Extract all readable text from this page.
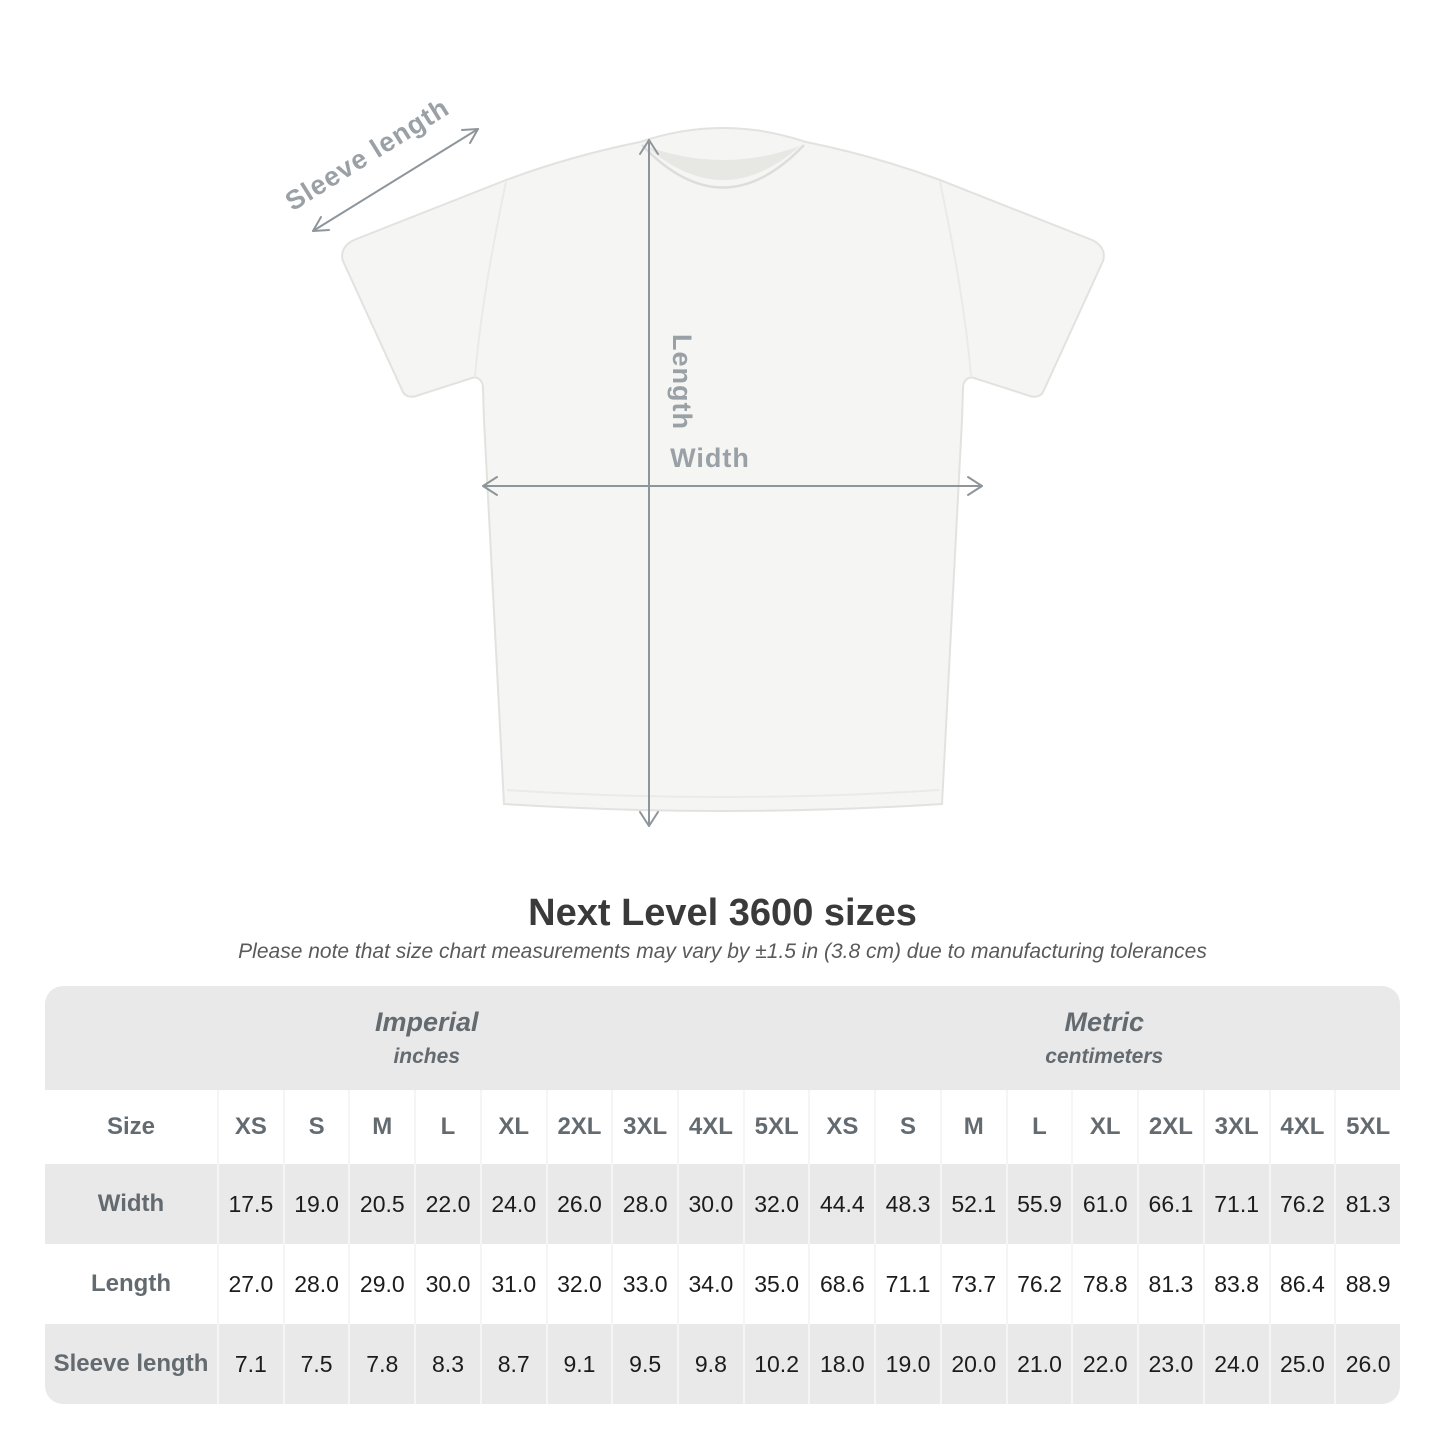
Width
Length
Sleeve length
Next Level 3600 sizes

Please note that size chart measurements may vary by ±1.5 in (3.8 cm) due to manufacturing tolerances

Imperial
inches

Metric
centimeters

Size	XS	S	M	L	XL	2XL	3XL	4XL	5XL	XS	S	M	L	XL	2XL	3XL	4XL	5XL
Width	17.5	19.0	20.5	22.0	24.0	26.0	28.0	30.0	32.0	44.4	48.3	52.1	55.9	61.0	66.1	71.1	76.2	81.3
Length	27.0	28.0	29.0	30.0	31.0	32.0	33.0	34.0	35.0	68.6	71.1	73.7	76.2	78.8	81.3	83.8	86.4	88.9
Sleeve length	7.1	7.5	7.8	8.3	8.7	9.1	9.5	9.8	10.2	18.0	19.0	20.0	21.0	22.0	23.0	24.0	25.0	26.0
